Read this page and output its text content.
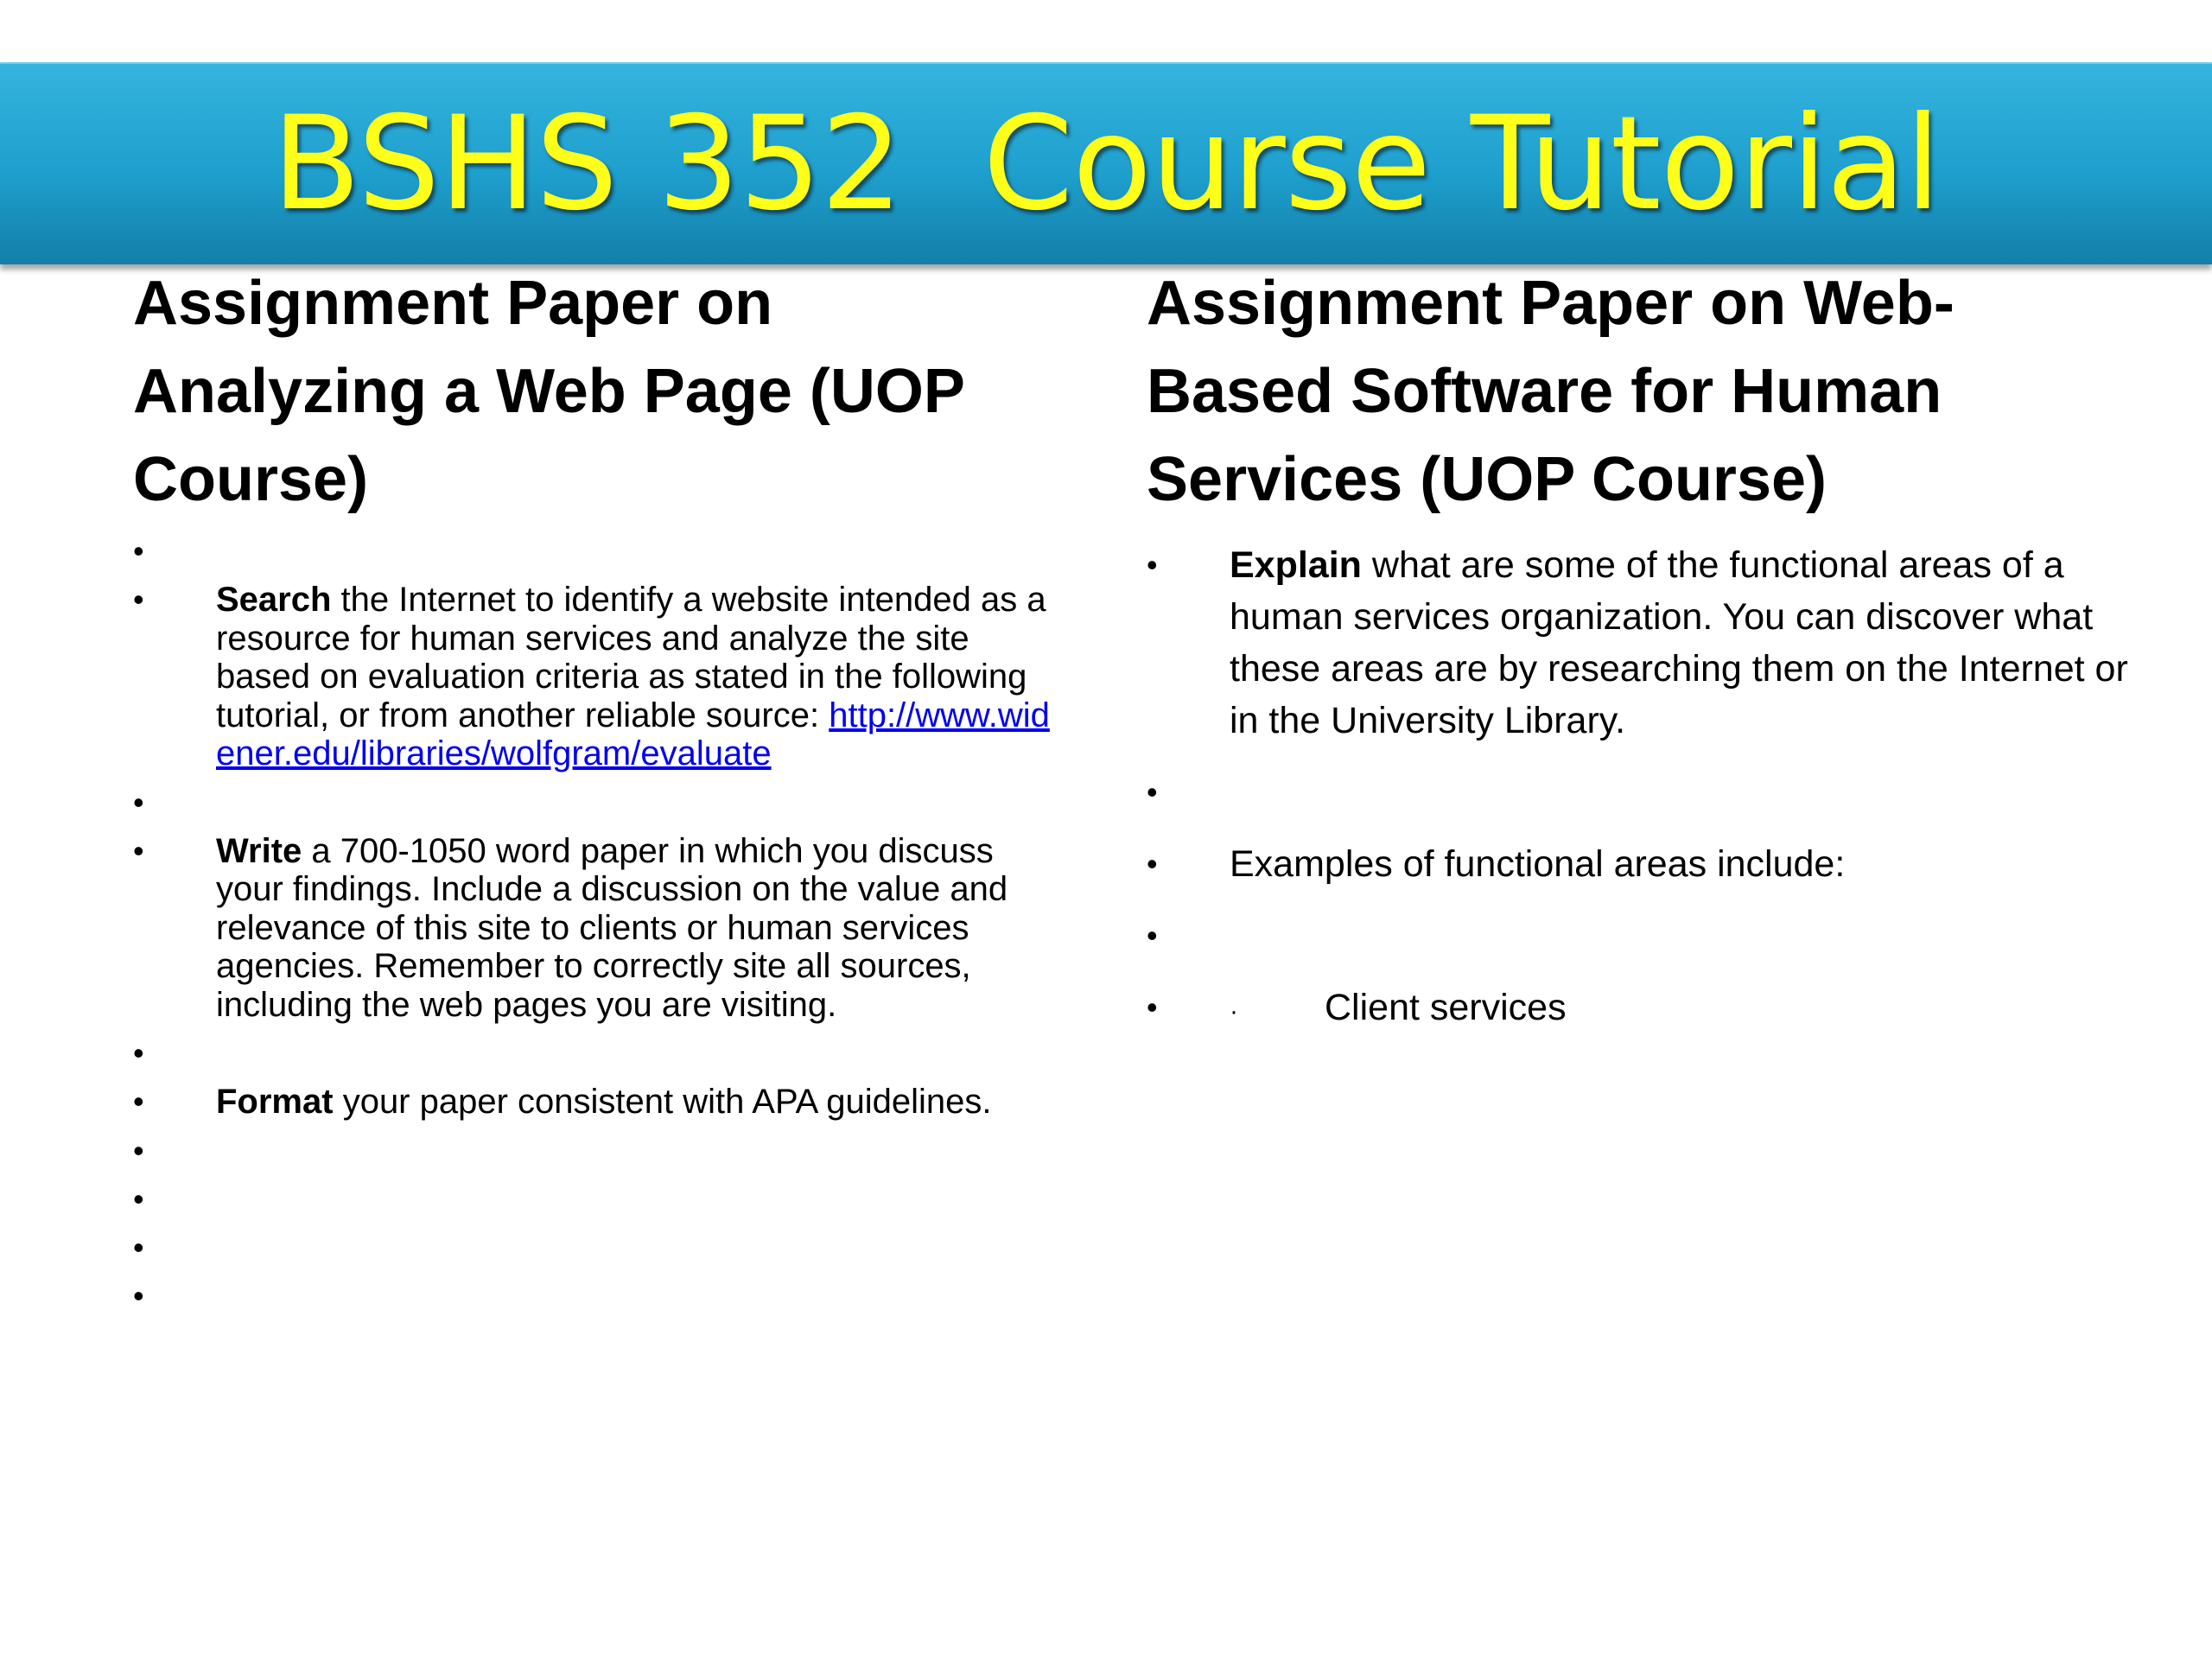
BSHS 352  Course Tutorial
Assignment Paper on Analyzing a Web Page (UOP Course)
•
• Search the Internet to identify a website intended as a resource for human services and analyze the site based on evaluation criteria as stated in the following tutorial, or from another reliable source: http://www.widener.edu/libraries/wolfgram/evaluate
•
• Write a 700-1050 word paper in which you discuss your findings. Include a discussion on the value and relevance of this site to clients or human services agencies. Remember to correctly site all sources, including the web pages you are visiting.
•
• Format your paper consistent with APA guidelines.
•
•
•
•
Assignment Paper on Web-Based Software for Human Services (UOP Course)
• Explain what are some of the functional areas of a human services organization. You can discover what these areas are by researching them on the Internet or in the University Library.
•
• Examples of functional areas include:
•
•	· Client services
